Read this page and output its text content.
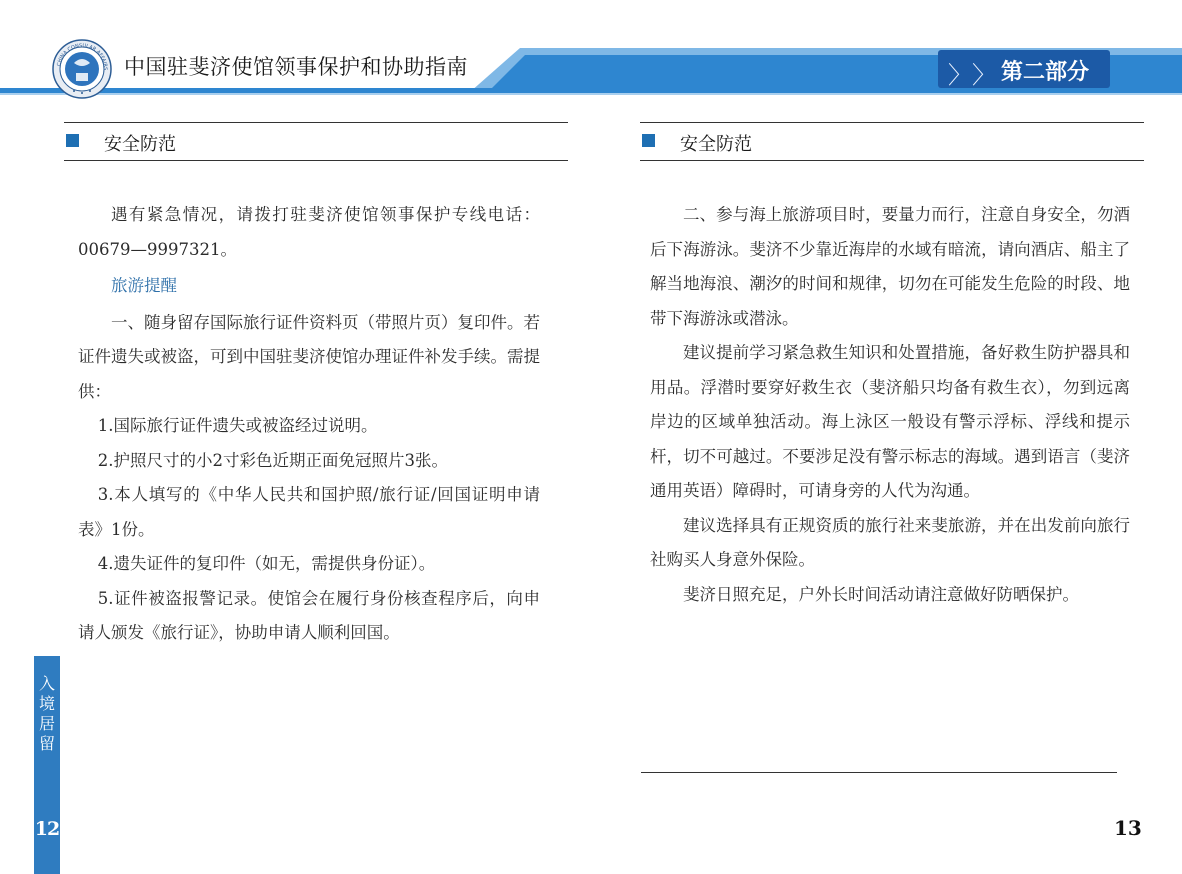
CHINA CONSULAR AFFAIRS 中国驻斐济使馆领事保护和协助指南	〉 〉 第二部分
安全防范

遇有紧急情况，请拨打驻斐济使馆领事保护专线电话：00679—9997321。

旅游提醒

一、随身留存国际旅行证件资料页（带照片页）复印件。若证件遗失或被盗，可到中国驻斐济使馆办理证件补发手续。需提供：

1.国际旅行证件遗失或被盗经过说明。

2.护照尺寸的小2寸彩色近期正面免冠照片3张。

3.本人填写的《中华人民共和国护照/旅行证/回国证明申请表》1份。

4.遗失证件的复印件（如无，需提供身份证）。

5.证件被盗报警记录。使馆会在履行身份核查程序后，向申请人颁发《旅行证》，协助申请人顺利回国。

安全防范

二、参与海上旅游项目时，要量力而行，注意自身安全，勿酒后下海游泳。斐济不少靠近海岸的水域有暗流，请向酒店、船主了解当地海浪、潮汐的时间和规律，切勿在可能发生危险的时段、地带下海游泳或潜泳。

建议提前学习紧急救生知识和处置措施，备好救生防护器具和用品。浮潜时要穿好救生衣（斐济船只均备有救生衣），勿到远离岸边的区域单独活动。海上泳区一般设有警示浮标、浮线和提示杆，切不可越过。不要涉足没有警示标志的海域。遇到语言（斐济通用英语）障碍时，可请身旁的人代为沟通。

建议选择具有正规资质的旅行社来斐旅游，并在出发前向旅行社购买人身意外保险。

斐济日照充足，户外长时间活动请注意做好防晒保护。

入
境
居
留
12	13
